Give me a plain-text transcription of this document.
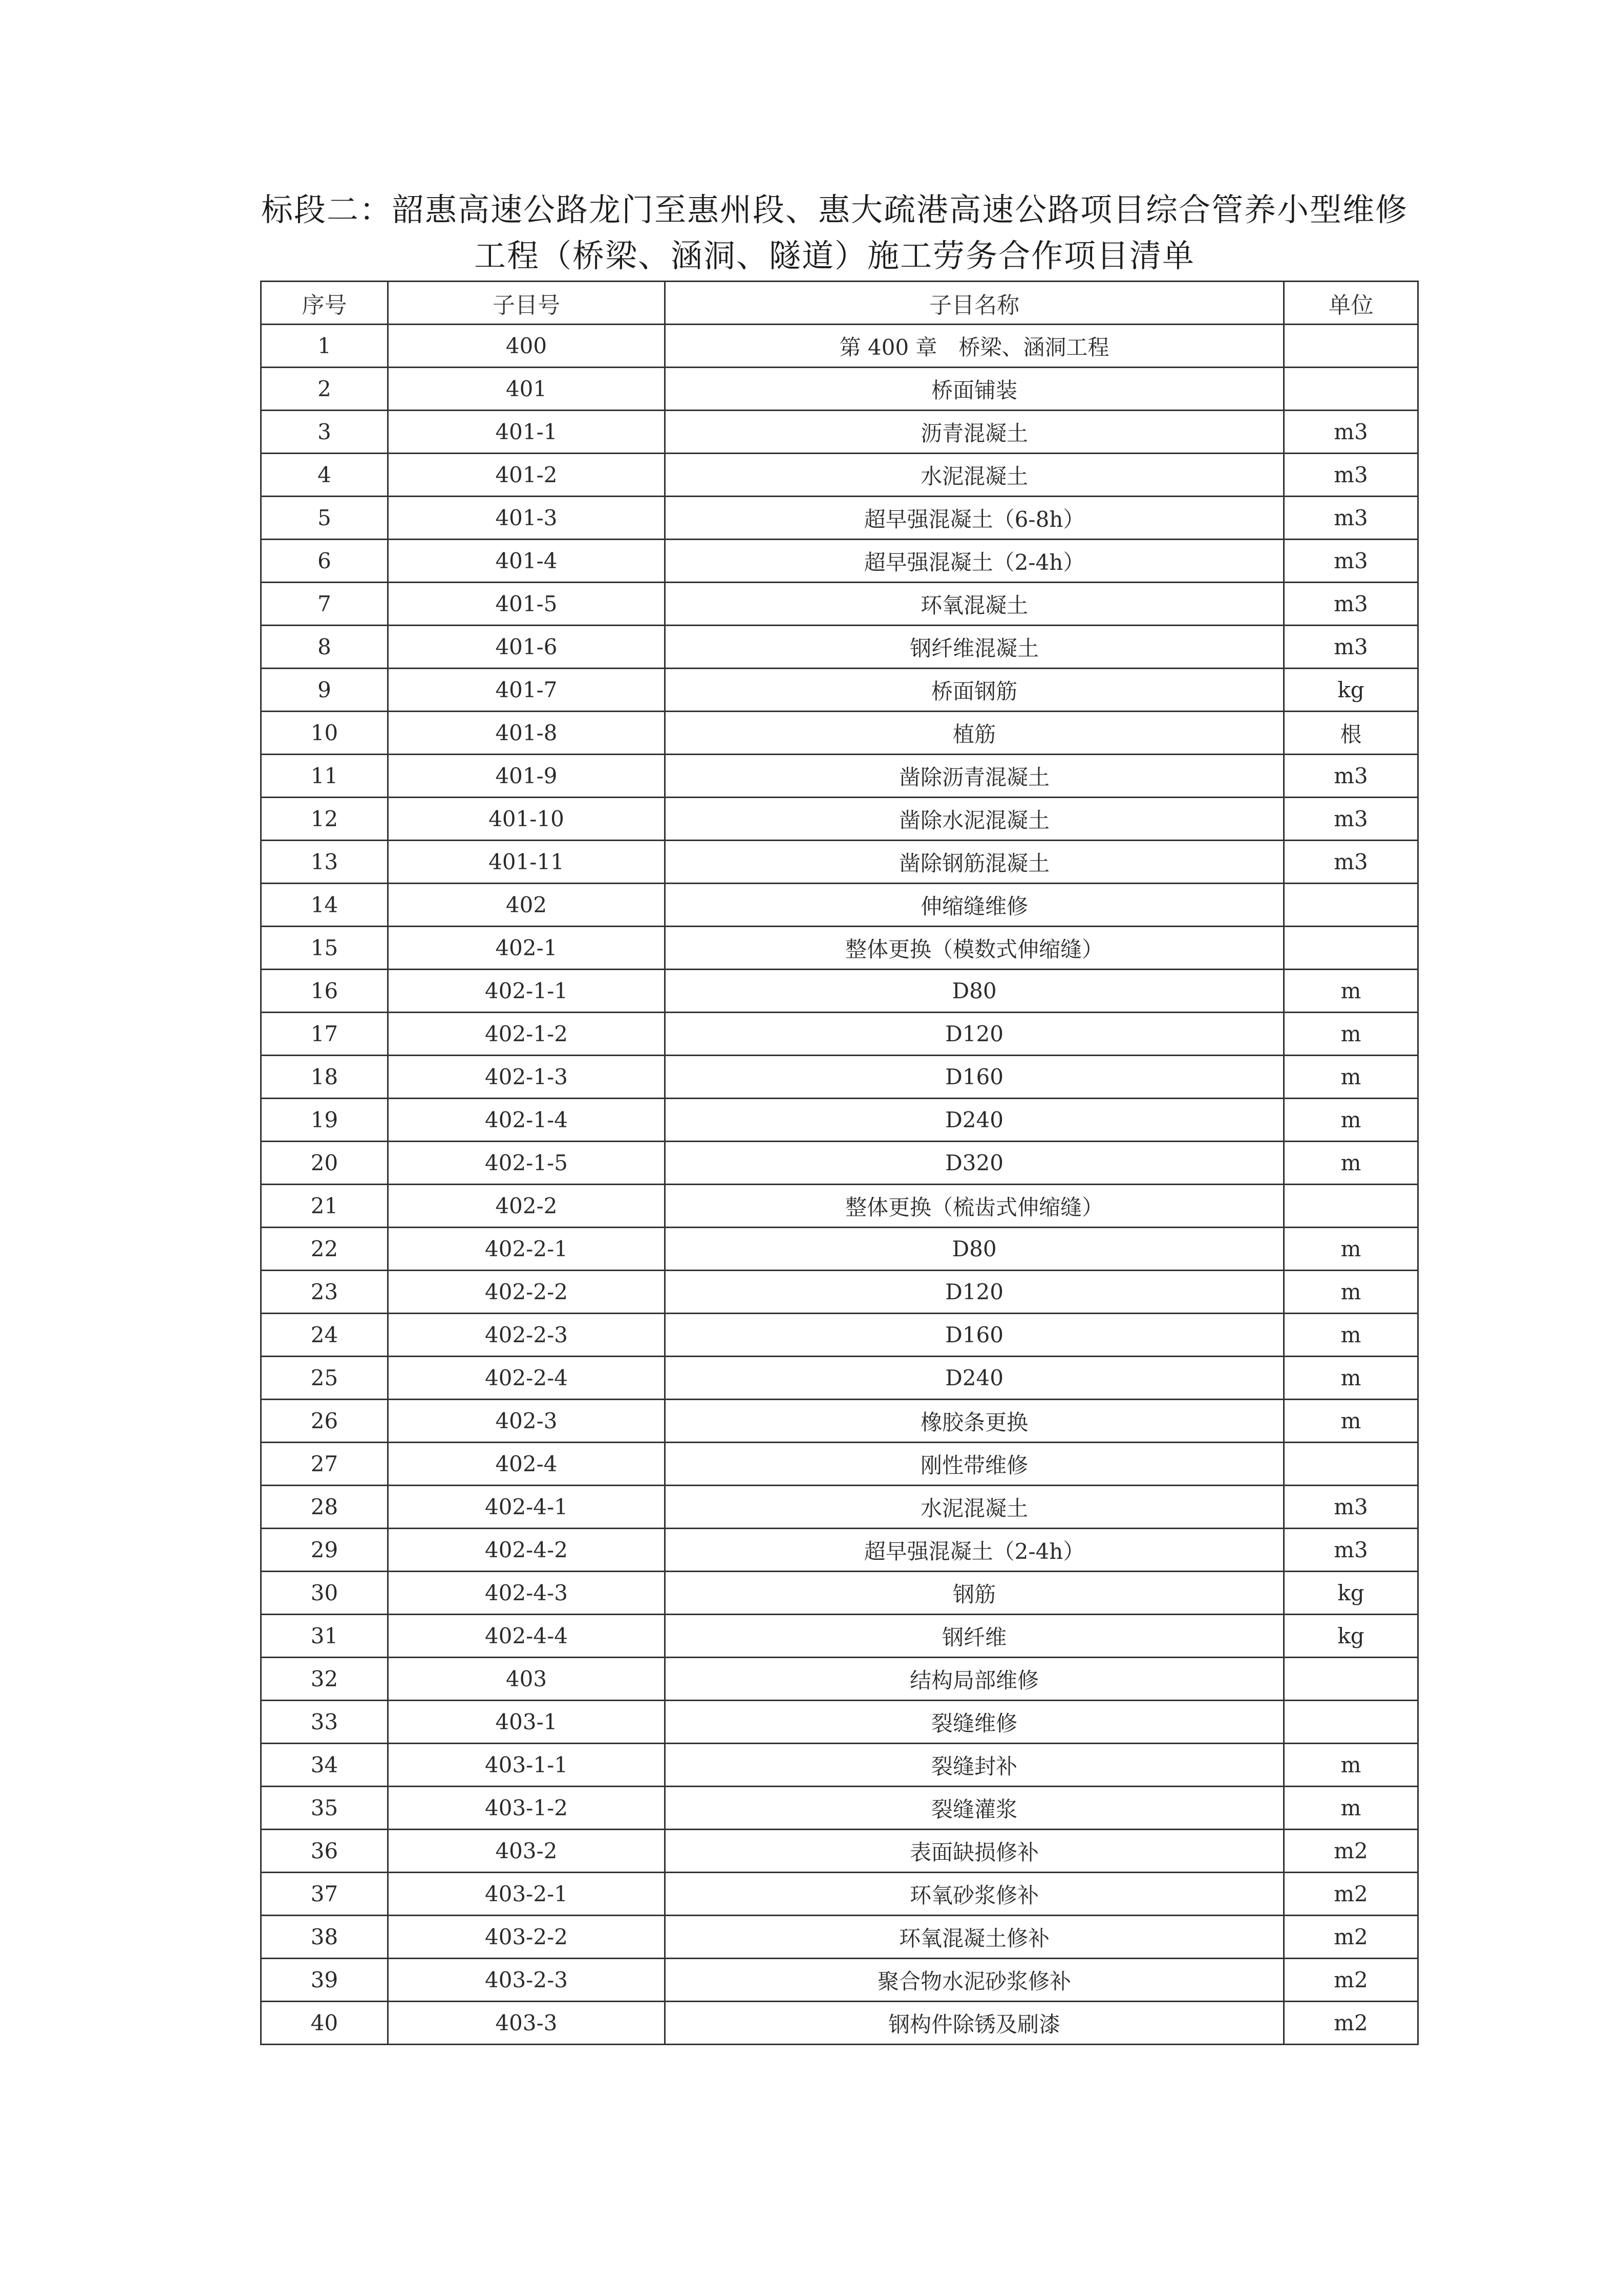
标段二：韶惠高速公路龙门至惠州段、惠大疏港高速公路项目综合管养小型维修
工程（桥梁、涵洞、隧道）施工劳务合作项目清单
序号	子目号	子目名称	单位
1	400	第 400 章　桥梁、涵洞工程	
2	401	桥面铺装	
3	401-1	沥青混凝土	m3
4	401-2	水泥混凝土	m3
5	401-3	超早强混凝土（6-8h）	m3
6	401-4	超早强混凝土（2-4h）	m3
7	401-5	环氧混凝土	m3
8	401-6	钢纤维混凝土	m3
9	401-7	桥面钢筋	kg
10	401-8	植筋	根
11	401-9	凿除沥青混凝土	m3
12	401-10	凿除水泥混凝土	m3
13	401-11	凿除钢筋混凝土	m3
14	402	伸缩缝维修	
15	402-1	整体更换（模数式伸缩缝）	
16	402-1-1	D80	m
17	402-1-2	D120	m
18	402-1-3	D160	m
19	402-1-4	D240	m
20	402-1-5	D320	m
21	402-2	整体更换（梳齿式伸缩缝）	
22	402-2-1	D80	m
23	402-2-2	D120	m
24	402-2-3	D160	m
25	402-2-4	D240	m
26	402-3	橡胶条更换	m
27	402-4	刚性带维修	
28	402-4-1	水泥混凝土	m3
29	402-4-2	超早强混凝土（2-4h）	m3
30	402-4-3	钢筋	kg
31	402-4-4	钢纤维	kg
32	403	结构局部维修	
33	403-1	裂缝维修	
34	403-1-1	裂缝封补	m
35	403-1-2	裂缝灌浆	m
36	403-2	表面缺损修补	m2
37	403-2-1	环氧砂浆修补	m2
38	403-2-2	环氧混凝土修补	m2
39	403-2-3	聚合物水泥砂浆修补	m2
40	403-3	钢构件除锈及刷漆	m2
